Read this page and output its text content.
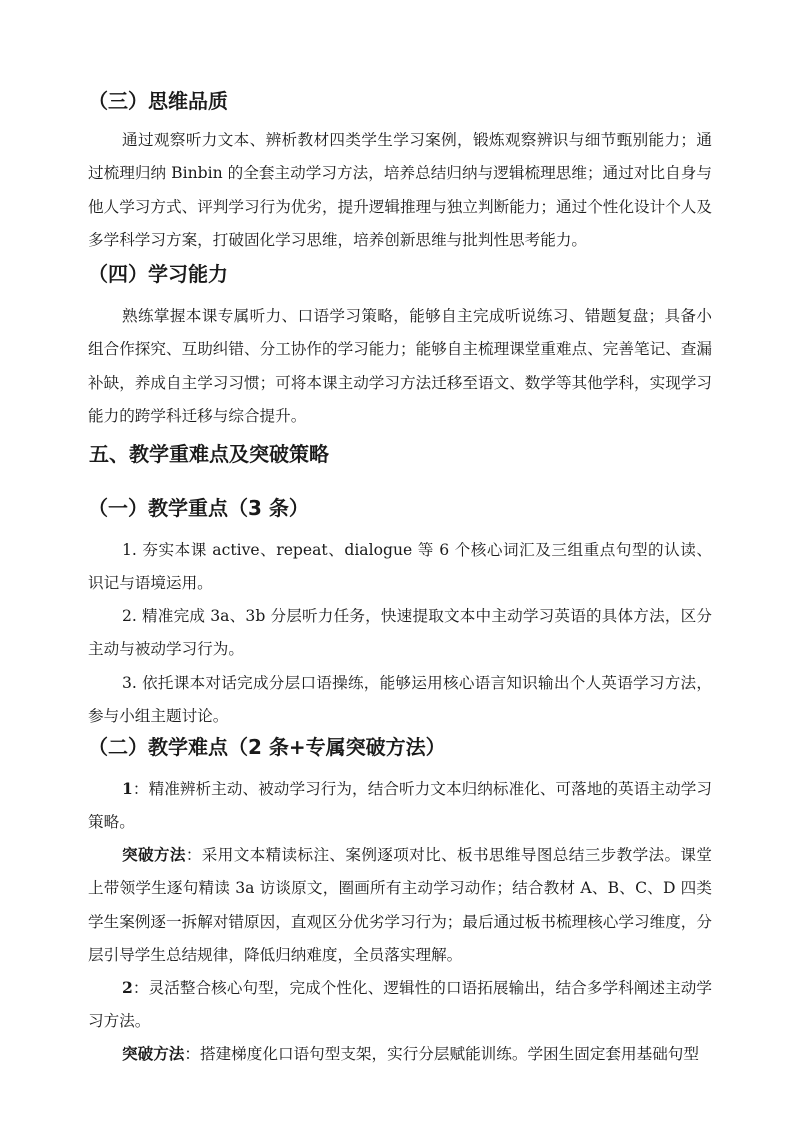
（三）思维品质

通过观察听力文本、辨析教材四类学生学习案例，锻炼观察辨识与细节甄别能力；通过梳理归纳 Binbin 的全套主动学习方法，培养总结归纳与逻辑梳理思维；通过对比自身与他人学习方式、评判学习行为优劣，提升逻辑推理与独立判断能力；通过个性化设计个人及多学科学习方案，打破固化学习思维，培养创新思维与批判性思考能力。

（四）学习能力

熟练掌握本课专属听力、口语学习策略，能够自主完成听说练习、错题复盘；具备小组合作探究、互助纠错、分工协作的学习能力；能够自主梳理课堂重难点、完善笔记、查漏补缺，养成自主学习习惯；可将本课主动学习方法迁移至语文、数学等其他学科，实现学习能力的跨学科迁移与综合提升。

五、教学重难点及突破策略
（一）教学重点（3 条）

1. 夯实本课 active、repeat、dialogue 等 6 个核心词汇及三组重点句型的认读、识记与语境运用。

2. 精准完成 3a、3b 分层听力任务，快速提取文本中主动学习英语的具体方法，区分主动与被动学习行为。

3. 依托课本对话完成分层口语操练，能够运用核心语言知识输出个人英语学习方法，参与小组主题讨论。

（二）教学难点（2 条+专属突破方法）

1：精准辨析主动、被动学习行为，结合听力文本归纳标准化、可落地的英语主动学习策略。

突破方法：采用文本精读标注、案例逐项对比、板书思维导图总结三步教学法。课堂上带领学生逐句精读 3a 访谈原文，圈画所有主动学习动作；结合教材 A、B、C、D 四类学生案例逐一拆解对错原因，直观区分优劣学习行为；最后通过板书梳理核心学习维度，分层引导学生总结规律，降低归纳难度，全员落实理解。

2：灵活整合核心句型，完成个性化、逻辑性的口语拓展输出，结合多学科阐述主动学习方法。

突破方法：搭建梯度化口语句型支架，实行分层赋能训练。学困生固定套用基础句型
